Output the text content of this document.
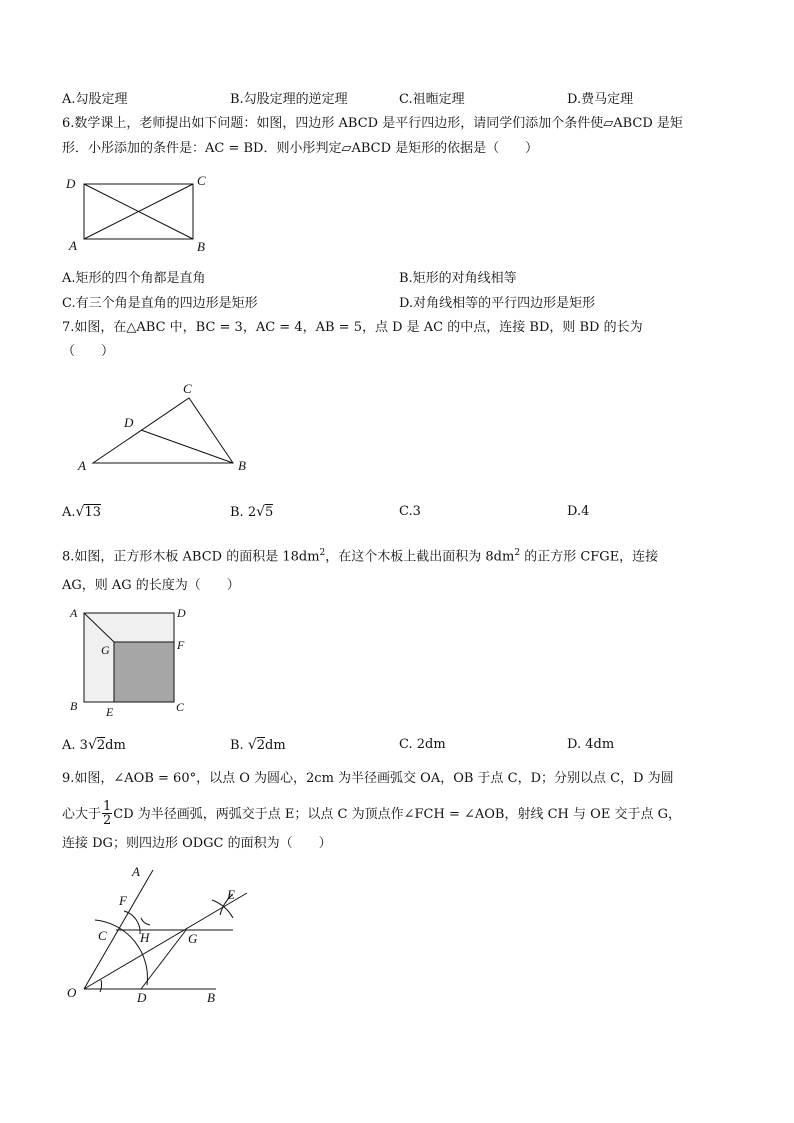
A.勾股定理	B.勾股定理的逆定理	C.祖暅定理	D.费马定理
6.数学课上，老师提出如下问题：如图，四边形 ABCD 是平行四边形，请同学们添加个条件使▱ABCD 是矩
形．小彤添加的条件是：AC = BD．则小彤判定▱ABCD 是矩形的依据是（　　）
D	C
A	B
A.矩形的四个角都是直角	B.矩形的对角线相等
C.有三个角是直角的四边形是矩形	D.对角线相等的平行四边形是矩形
7.如图，在△ABC 中，BC = 3，AC = 4，AB = 5，点 D 是 AC 的中点，连接 BD，则 BD 的长为
（　　）
C
D
A	B
A.√13	B. 2√5	C.3	D.4
8.如图，正方形木板 ABCD 的面积是 $18dm^2$，在这个木板上截出面积为 $8dm^2$ 的正方形 CFGE，连接
AG，则 AG 的长度为（　　）
A	D
F
G
B E	C
A. 3√2dm	B. √2dm	C. 2dm	D. 4dm
9.如图，∠AOB = 60°，以点 O 为圆心，2cm 为半径画弧交 OA，OB 于点 C，D；分别以点 C，D 为圆
心大于 $\frac{1}{2}$ CD 为半径画弧，两弧交于点 E；以点 C 为顶点作∠FCH = ∠AOB，射线 CH 与 OE 交于点 G，
连接 DG；则四边形 ODGC 的面积为（　　）
A
F	E
C	H	G
O	D	B
